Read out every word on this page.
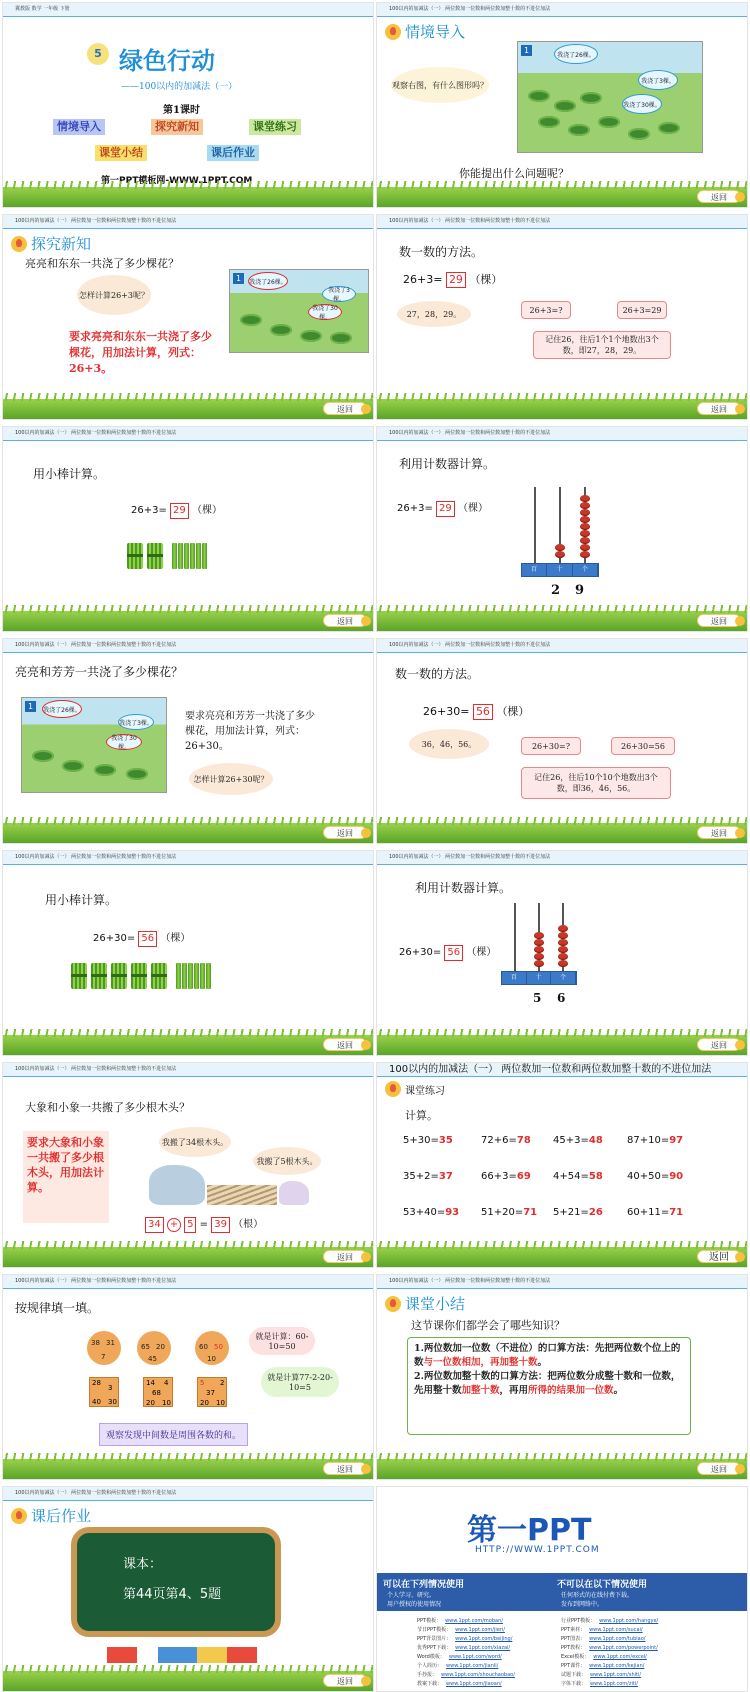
冀教版 数学 一年级 下册
5 绿色行动
——100以内的加减法（一）
第1课时
情境导入	探究新知	课堂练习
课堂小结	课后作业
100以内的加减法（一） 两位数加一位数和两位数加整十数的不进位加法
情境导入
观察右图，有什么图形吗？
1	我浇了26棵。
我浇了3棵。
我浇了30棵。
你能提出什么问题呢？
返回
100以内的加减法（一） 两位数加一位数和两位数加整十数的不进位加法
探究新知
亮亮和东东一共浇了多少棵花？
怎样计算26+3呢？
1	我浇了26棵。
我浇了3棵。
我浇了30棵。
要求亮亮和东东一共浇了多少棵花，用加法计算，列式：26+3。
返回
100以内的加减法（一） 两位数加一位数和两位数加整十数的不进位加法
数一数的方法。
26+3= 29 （棵）
27，28，29。	26+3=?	26+3=29
记住26，往后1个1个地数出3个数，即27，28，29。
返回
100以内的加减法（一） 两位数加一位数和两位数加整十数的不进位加法
用小棒计算。
26+3= 29 （棵）

返回
100以内的加减法（一） 两位数加一位数和两位数加整十数的不进位加法
利用计数器计算。
26+3= 29 （棵）
百	十	个
2 9
返回
100以内的加减法（一） 两位数加一位数和两位数加整十数的不进位加法
亮亮和芳芳一共浇了多少棵花？
1	我浇了26棵。
我浇了3棵。
我浇了30棵。
要求亮亮和芳芳一共浇了多少棵花，用加法计算，列式：26+30。
怎样计算26+30呢？
返回
100以内的加减法（一） 两位数加一位数和两位数加整十数的不进位加法
数一数的方法。
26+30= 56 （棵）
36，46，56。	26+30=?	26+30=56
记住26，往后10个10个地数出3个数，即36，46，56。
返回
100以内的加减法（一） 两位数加一位数和两位数加整十数的不进位加法
用小棒计算。
26+30= 56 （棵）

返回
100以内的加减法（一） 两位数加一位数和两位数加整十数的不进位加法
利用计数器计算。
26+30= 56 （棵）
百	十	个
5 6
返回
100以内的加减法（一） 两位数加一位数和两位数加整十数的不进位加法
大象和小象一共搬了多少根木头？
要求大象和小象一共搬了多少根木头，用加法计算。
我搬了34根木头。
我搬了5根木头。
34 + 5 = 39 （根）
返回
100以内的加减法（一） 两位数加一位数和两位数加整十数的不进位加法
课堂练习
计算。
5+30=35	72+6=78 45+3=48 87+10=97
35+2=37	66+3=69 4+54=58 40+50=90
53+40=93 51+20=71 5+21=26 60+11=71
返回
100以内的加减法（一） 两位数加一位数和两位数加整十数的不进位加法
按规律填一填。
38 31
7
65 20
45
60 50
10
28
3
40 30
14 4
68
20 10
5 2
37
20 10
就是计算：60-10=50
就是计算77-2-20-10=5
观察发现中间数是周围各数的和。
返回
100以内的加减法（一） 两位数加一位数和两位数加整十数的不进位加法
课堂小结
这节课你们都学会了哪些知识？
1.两位数加一位数（不进位）的口算方法：先把两位数个位上的数与一位数相加，再加整十数。
2.两位数加整十数的口算方法：把两位数分成整十数和一位数，先用整十数加整十数，再用所得的结果加一位数。
返回
100以内的加减法（一） 两位数加一位数和两位数加整十数的不进位加法
课后作业
课本：
第44页第4、5题
返回
第一PPT
HTTP://WWW.1PPT.COM
可以在下列情况使用
个人学习、研究。
用户授权的使用情况
不可以在以下情况使用
任何形式的在线付费下载。
发布到网络中。
PPT模板： www.1ppt.com/moban/
节日PPT模板： www.1ppt.com/jieri/
PPT背景图片： www.1ppt.com/beijing/
优秀PPT下载： www.1ppt.com/xiazai/
Word模板： www.1ppt.com/word/
个人简历： www.1ppt.com/jianli/
手抄报： www.1ppt.com/shouchaobao/
教案下载： www.1ppt.com/jiaoan/
行业PPT模板： www.1ppt.com/hangye/
PPT素材： www.1ppt.com/sucai/
PPT图表： www.1ppt.com/tubiao/
PPT教程： www.1ppt.com/powerpoint/
Excel模板： www.1ppt.com/excel/
PPT课件： www.1ppt.com/kejian/
试题下载： www.1ppt.com/shiti/
字体下载： www.1ppt.com/ziti/
